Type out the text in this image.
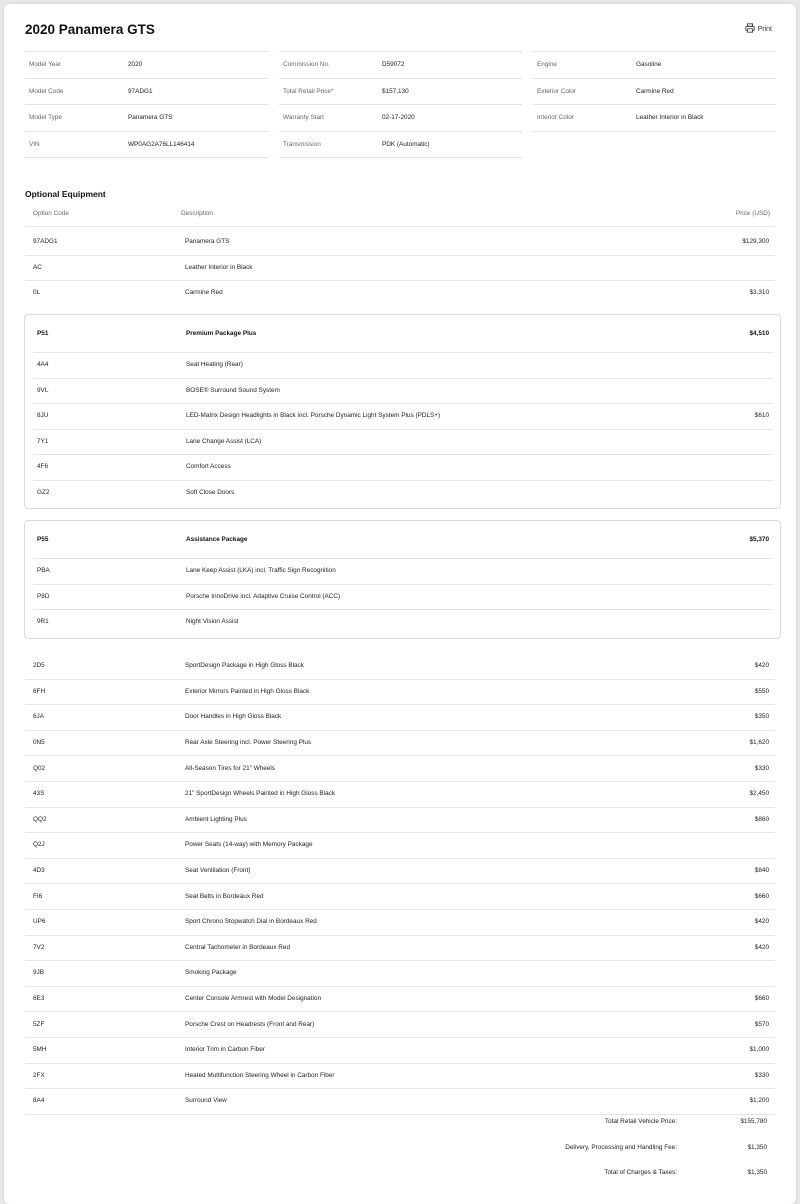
2020 Panamera GTS	Print
Model Year	2020
Model Code	97ADG1
Model Type	Panamera GTS
VIN	WP0AG2A76LL146414
Commission No.	D59072
Total Retail Price*	$157,130
Warranty Start	02-17-2020
Transmission	PDK (Automatic)
Engine	Gasoline
Exterior Color	Carmine Red
Interior Color	Leather Interior in Black
Optional Equipment
Option Code	Description	Price (USD)
97ADG1	Panamera GTS	$129,300
AC	Leather Interior in Black
0L	Carmine Red	$3,310
P51	Premium Package Plus	$4,510
4A4	Seat Heating (Rear)
9VL	BOSE® Surround Sound System
8JU	LED-Matrix Design Headlights in Black incl. Porsche Dynamic Light System Plus (PDLS+)	$610
7Y1	Lane Change Assist (LCA)
4F6	Comfort Access
GZ2	Soft Close Doors
P55	Assistance Package	$5,370
PBA	Lane Keep Assist (LKA) incl. Traffic Sign Recognition
P8D	Porsche InnoDrive incl. Adaptive Cruise Control (ACC)
9R1	Night Vision Assist
2D5	SportDesign Package in High Gloss Black	$420
6FH	Exterior Mirrors Painted in High Gloss Black	$550
6JA	Door Handles in High Gloss Black	$350
0N5	Rear Axle Steering incl. Power Steering Plus	$1,620
Q02	All-Season Tires for 21" Wheels	$330
43S	21" SportDesign Wheels Painted in High Gloss Black	$2,450
QQ2	Ambient Lighting Plus	$860
Q2J	Power Seats (14-way) with Memory Package
4D3	Seat Ventilation (Front)	$840
FI6	Seat Belts in Bordeaux Red	$660
UP6	Sport Chrono Stopwatch Dial in Bordeaux Red	$420
7V2	Central Tachometer in Bordeaux Red	$420
9JB	Smoking Package
6E3	Center Console Armrest with Model Designation	$660
5ZF	Porsche Crest on Headrests (Front and Rear)	$570
5MH	Interior Trim in Carbon Fiber	$1,000
2FX	Heated Multifunction Steering Wheel in Carbon Fiber	$330
8A4	Surround View	$1,200
Total Retail Vehicle Price:	$155,780
Delivery, Processing and Handling Fee:	$1,350
Total of Charges & Taxes:	$1,350
